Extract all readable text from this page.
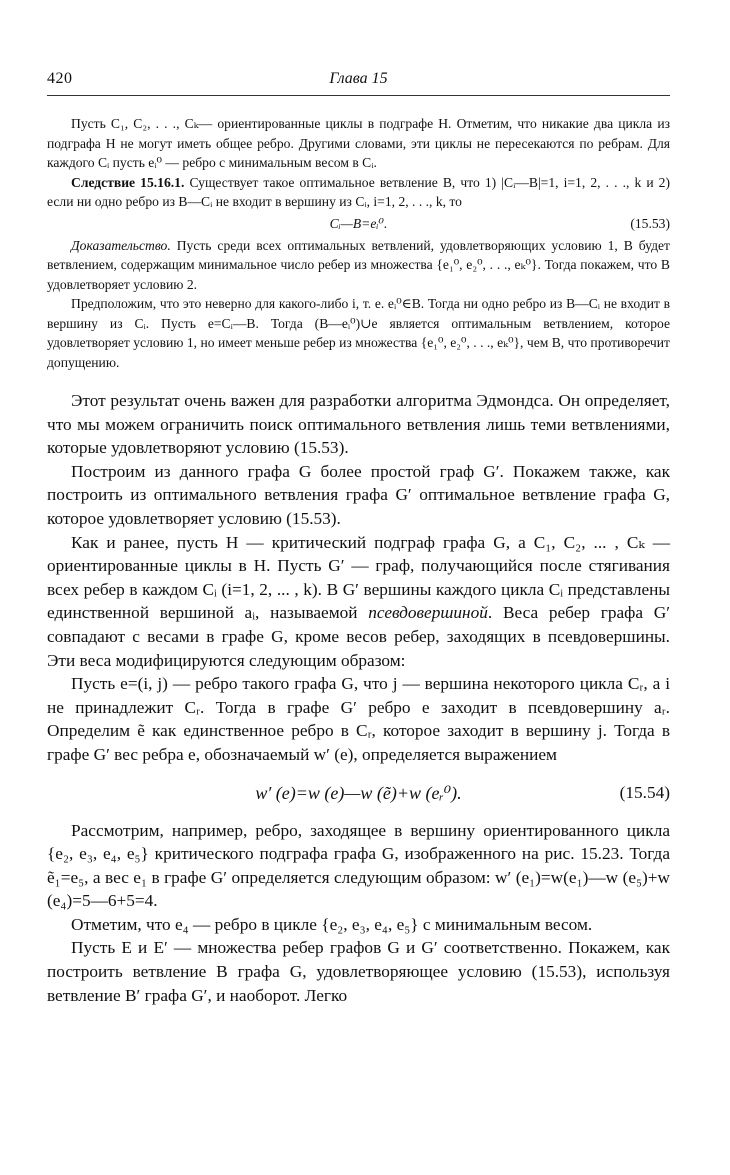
420	Глава 15

Пусть C₁, C₂, . . ., Cₖ— ориентированные циклы в подграфе H. Отметим, что никакие два цикла из подграфа H не могут иметь общее ребро. Другими словами, эти циклы не пересекаются по ребрам. Для каждого Cᵢ пусть eᵢ⁰ — ребро с минимальным весом в Cᵢ.

Следствие 15.16.1. Существует такое оптимальное ветвление B, что 1) |Cᵢ—B|=1, i=1, 2, . . ., k и 2) если ни одно ребро из B—Cᵢ не входит в вершину из Cᵢ, i=1, 2, . . ., k, то

Cᵢ—B=eᵢ⁰.	(15.53)

Доказательство. Пусть среди всех оптимальных ветвлений, удовлетворяющих условию 1, B будет ветвлением, содержащим минимальное число ребер из множества {e₁⁰, e₂⁰, . . ., eₖ⁰}. Тогда покажем, что B удовлетворяет условию 2.

Предположим, что это неверно для какого-либо i, т. е. eᵢ⁰∈B. Тогда ни одно ребро из B—Cᵢ не входит в вершину из Cᵢ. Пусть e=Cᵢ—B. Тогда (B—eᵢ⁰)∪e является оптимальным ветвлением, которое удовлетворяет условию 1, но имеет меньше ребер из множества {e₁⁰, e₂⁰, . . ., eₖ⁰}, чем B, что противоречит допущению.

Этот результат очень важен для разработки алгоритма Эдмондса. Он определяет, что мы можем ограничить поиск оптимального ветвления лишь теми ветвлениями, которые удовлетворяют условию (15.53).

Построим из данного графа G более простой граф G′. Покажем также, как построить из оптимального ветвления графа G′ оптимальное ветвление графа G, которое удовлетворяет условию (15.53).

Как и ранее, пусть H — критический подграф графа G, а C₁, C₂, ... , Cₖ — ориентированные циклы в H. Пусть G′ — граф, получающийся после стягивания всех ребер в каждом Cᵢ (i=1, 2, ... , k). В G′ вершины каждого цикла Cᵢ представлены единственной вершиной aᵢ, называемой псевдовершиной. Веса ребер графа G′ совпадают с весами в графе G, кроме весов ребер, заходящих в псевдовершины. Эти веса модифицируются следующим образом:

Пусть e=(i, j) — ребро такого графа G, что j — вершина некоторого цикла Cᵣ, а i не принадлежит Cᵣ. Тогда в графе G′ ребро e заходит в псевдовершину aᵣ. Определим ẽ как единственное ребро в Cᵣ, которое заходит в вершину j. Тогда в графе G′ вес ребра e, обозначаемый w′ (e), определяется выражением

w′ (e)=w (e)—w (ẽ)+w (eᵣ⁰).	(15.54)

Рассмотрим, например, ребро, заходящее в вершину ориентированного цикла {e₂, e₃, e₄, e₅} критического подграфа графа G, изображенного на рис. 15.23. Тогда ẽ₁=e₅, а вес e₁ в графе G′ определяется следующим образом: w′ (e₁)=w(e₁)—w (e₅)+w (e₄)=5—6+5=4.

Отметим, что e₄ — ребро в цикле {e₂, e₃, e₄, e₅} с минимальным весом.

Пусть E и E′ — множества ребер графов G и G′ соответственно. Покажем, как построить ветвление B графа G, удовлетворяющее условию (15.53), используя ветвление B′ графа G′, и наоборот. Легко
